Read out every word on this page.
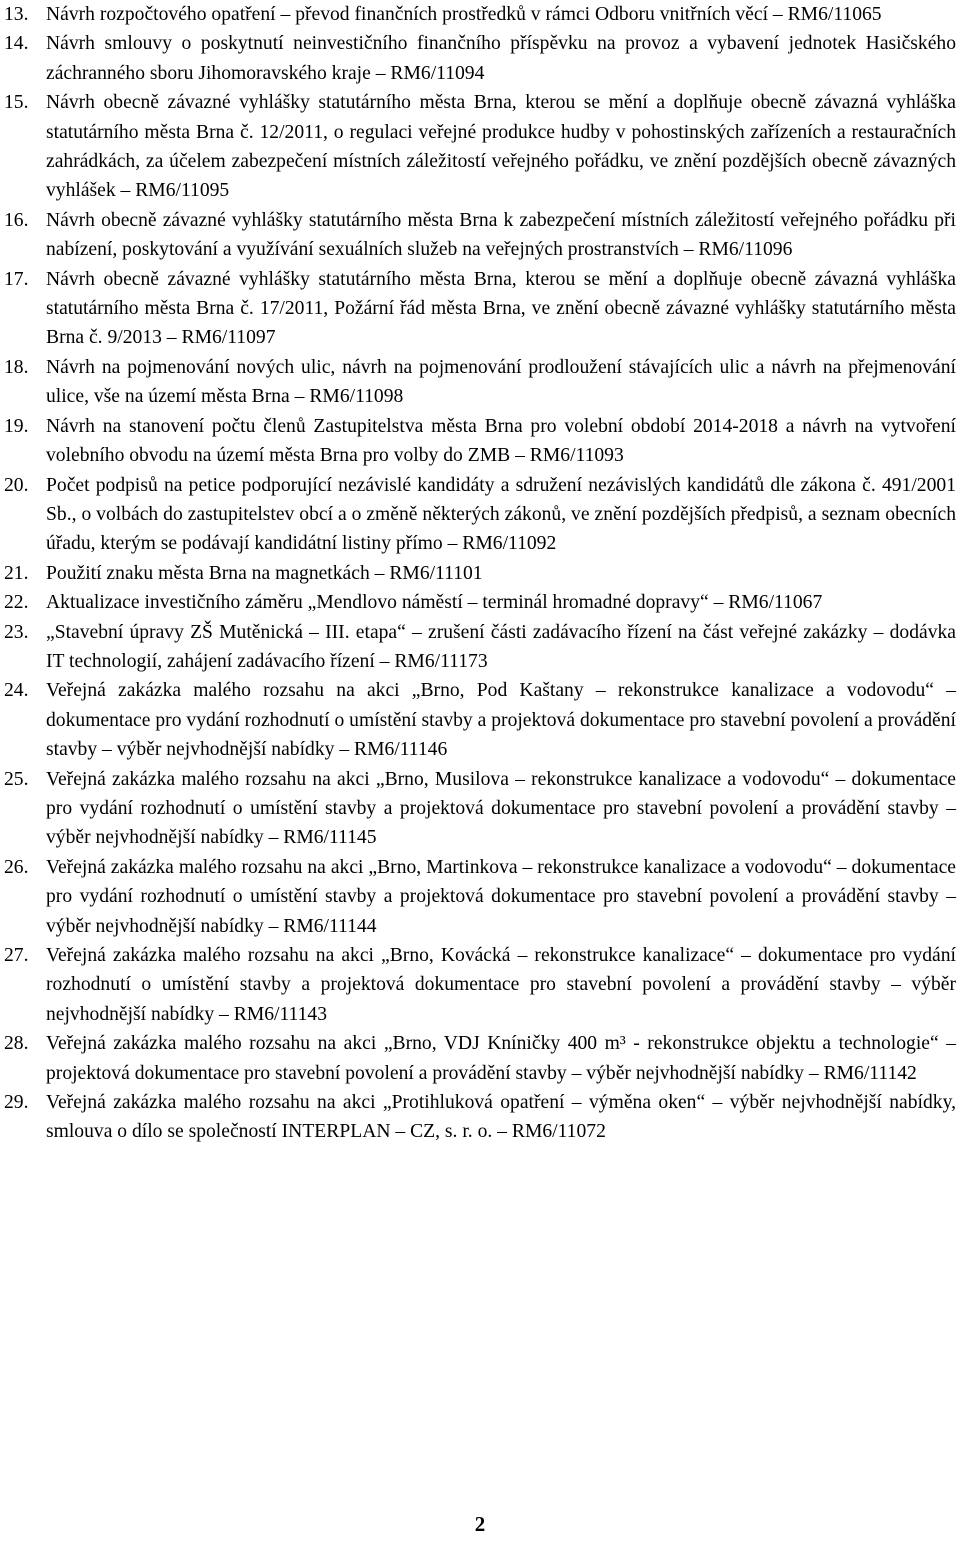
13. Návrh rozpočtového opatření – převod finančních prostředků v rámci Odboru vnitřních věcí – RM6/11065
14. Návrh smlouvy o poskytnutí neinvestičního finančního příspěvku na provoz a vybavení jednotek Hasičského záchranného sboru Jihomoravského kraje – RM6/11094
15. Návrh obecně závazné vyhlášky statutárního města Brna, kterou se mění a doplňuje obecně závazná vyhláška statutárního města Brna č. 12/2011, o regulaci veřejné produkce hudby v pohostinských zařízeních a restauračních zahrádkách, za účelem zabezpečení místních záležitostí veřejného pořádku, ve znění pozdějších obecně závazných vyhlášek – RM6/11095
16. Návrh obecně závazné vyhlášky statutárního města Brna k zabezpečení místních záležitostí veřejného pořádku při nabízení, poskytování a využívání sexuálních služeb na veřejných prostranstvích – RM6/11096
17. Návrh obecně závazné vyhlášky statutárního města Brna, kterou se mění a doplňuje obecně závazná vyhláška statutárního města Brna č. 17/2011, Požární řád města Brna, ve znění obecně závazné vyhlášky statutárního města Brna č. 9/2013 – RM6/11097
18. Návrh na pojmenování nových ulic, návrh na pojmenování prodloužení stávajících ulic a návrh na přejmenování ulice, vše na území města Brna – RM6/11098
19. Návrh na stanovení počtu členů Zastupitelstva města Brna pro volební období 2014-2018 a návrh na vytvoření volebního obvodu na území města Brna pro volby do ZMB – RM6/11093
20. Počet podpisů na petice podporující nezávislé kandidáty a sdružení nezávislých kandidátů dle zákona č. 491/2001 Sb., o volbách do zastupitelstev obcí a o změně některých zákonů, ve znění pozdějších předpisů, a seznam obecních úřadu, kterým se podávají kandidátní listiny přímo – RM6/11092
21. Použití znaku města Brna na magnetkách – RM6/11101
22. Aktualizace investičního záměru „Mendlovo náměstí – terminál hromadné dopravy“ – RM6/11067
23. „Stavební úpravy ZŠ Mutěnická – III. etapa“ – zrušení části zadávacího řízení na část veřejné zakázky – dodávka IT technologií, zahájení zadávacího řízení – RM6/11173
24. Veřejná zakázka malého rozsahu na akci „Brno, Pod Kaštany – rekonstrukce kanalizace a vodovodu“ – dokumentace pro vydání rozhodnutí o umístění stavby a projektová dokumentace pro stavební povolení a provádění stavby – výběr nejvhodnější nabídky – RM6/11146
25. Veřejná zakázka malého rozsahu na akci „Brno, Musilova – rekonstrukce kanalizace a vodovodu“ – dokumentace pro vydání rozhodnutí o umístění stavby a projektová dokumentace pro stavební povolení a provádění stavby – výběr nejvhodnější nabídky – RM6/11145
26. Veřejná zakázka malého rozsahu na akci „Brno, Martinkova – rekonstrukce kanalizace a vodovodu“ – dokumentace pro vydání rozhodnutí o umístění stavby a projektová dokumentace pro stavební povolení a provádění stavby – výběr nejvhodnější nabídky – RM6/11144
27. Veřejná zakázka malého rozsahu na akci „Brno, Kovácká – rekonstrukce kanalizace“ – dokumentace pro vydání rozhodnutí o umístění stavby a projektová dokumentace pro stavební povolení a provádění stavby – výběr nejvhodnější nabídky – RM6/11143
28. Veřejná zakázka malého rozsahu na akci „Brno, VDJ Kníničky 400 m³ - rekonstrukce objektu a technologie“ – projektová dokumentace pro stavební povolení a provádění stavby – výběr nejvhodnější nabídky – RM6/11142
29. Veřejná zakázka malého rozsahu na akci „Protihluková opatření – výměna oken“ – výběr nejvhodnější nabídky, smlouva o dílo se společností INTERPLAN – CZ, s. r. o. – RM6/11072
2
